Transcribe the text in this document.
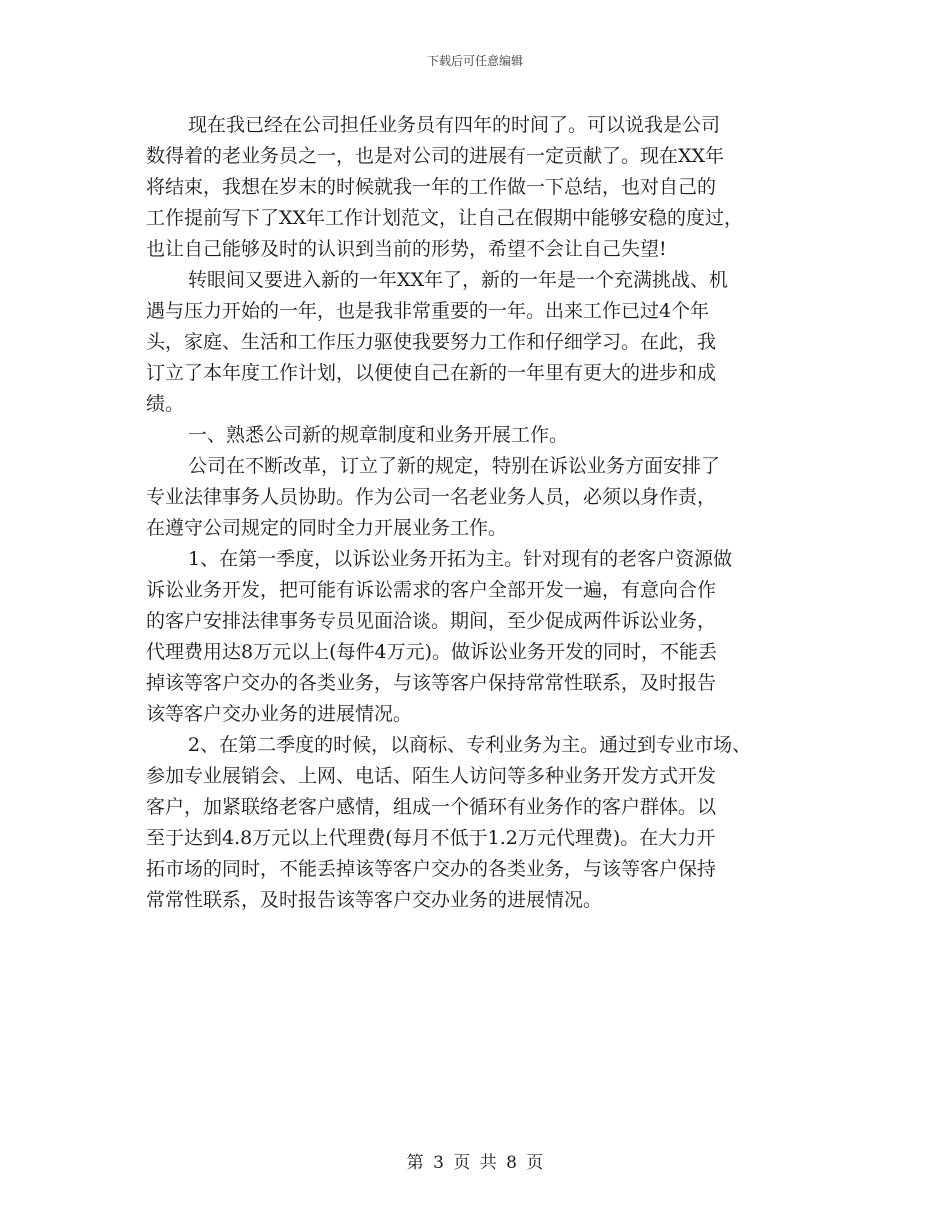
下载后可任意编辑
现在我已经在公司担任业务员有四年的时间了。可以说我是公司
数得着的老业务员之一，也是对公司的进展有一定贡献了。现在XX年
将结束，我想在岁末的时候就我一年的工作做一下总结，也对自己的
工作提前写下了XX年工作计划范文，让自己在假期中能够安稳的度过，
也让自己能够及时的认识到当前的形势，希望不会让自己失望!
转眼间又要进入新的一年XX年了，新的一年是一个充满挑战、机
遇与压力开始的一年，也是我非常重要的一年。出来工作已过4个年
头，家庭、生活和工作压力驱使我要努力工作和仔细学习。在此，我
订立了本年度工作计划，以便使自己在新的一年里有更大的进步和成
绩。
一、熟悉公司新的规章制度和业务开展工作。
公司在不断改革，订立了新的规定，特别在诉讼业务方面安排了
专业法律事务人员协助。作为公司一名老业务人员，必须以身作责，
在遵守公司规定的同时全力开展业务工作。
1、在第一季度，以诉讼业务开拓为主。针对现有的老客户资源做
诉讼业务开发，把可能有诉讼需求的客户全部开发一遍，有意向合作
的客户安排法律事务专员见面洽谈。期间，至少促成两件诉讼业务，
代理费用达8万元以上(每件4万元)。做诉讼业务开发的同时，不能丢
掉该等客户交办的各类业务，与该等客户保持常常性联系，及时报告
该等客户交办业务的进展情况。
2、在第二季度的时候，以商标、专利业务为主。通过到专业市场、
参加专业展销会、上网、电话、陌生人访问等多种业务开发方式开发
客户，加紧联络老客户感情，组成一个循环有业务作的客户群体。以
至于达到4.8万元以上代理费(每月不低于1.2万元代理费)。在大力开
拓市场的同时，不能丢掉该等客户交办的各类业务，与该等客户保持
常常性联系，及时报告该等客户交办业务的进展情况。
第 3 页 共 8 页
